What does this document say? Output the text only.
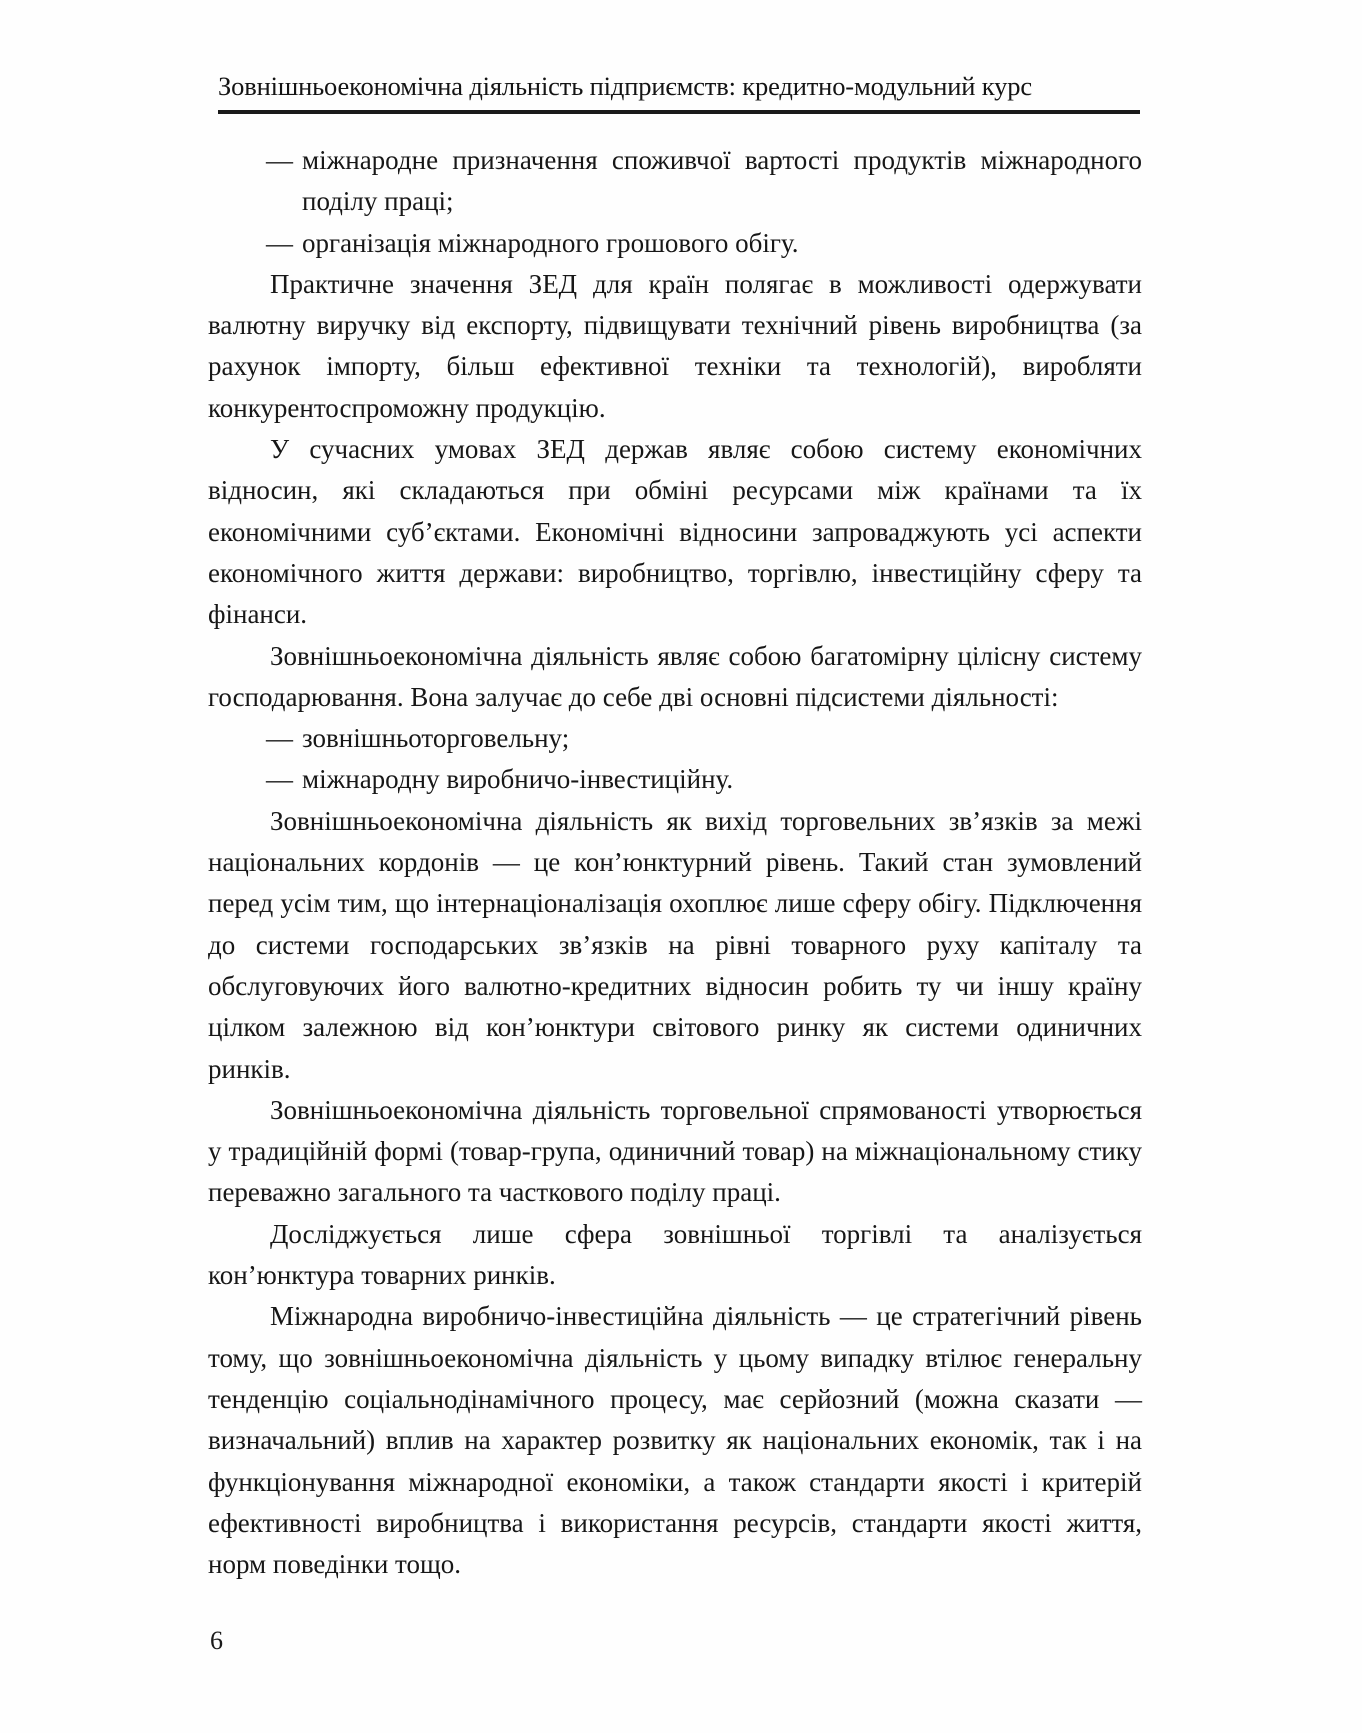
Зовнішньоекономічна діяльність підприємств: кредитно-модульний курс
— міжнародне призначення споживчої вартості продуктів міжнародного поділу праці;
— організація міжнародного грошового обігу.

Практичне значення ЗЕД для країн полягає в можливості одержувати валютну виручку від експорту, підвищувати технічний рівень виробництва (за рахунок імпорту, більш ефективної техніки та технологій), виробляти конкурентоспроможну продукцію.

У сучасних умовах ЗЕД держав являє собою систему економічних відносин, які складаються при обміні ресурсами між країнами та їх економічними суб’єктами. Економічні відносини запроваджують усі аспекти економічного життя держави: виробництво, торгівлю, інвестиційну сферу та фінанси.

Зовнішньоекономічна діяльність являє собою багатомірну цілісну систему господарювання. Вона залучає до себе дві основні підсистеми діяльності:

— зовнішньоторговельну;
— міжнародну виробничо-інвестиційну.

Зовнішньоекономічна діяльність як вихід торговельних зв’язків за межі національних кордонів — це кон’юнктурний рівень. Такий стан зумовлений перед усім тим, що інтернаціоналізація охоплює лише сферу обігу. Підключення до системи господарських зв’язків на рівні товарного руху капіталу та обслуговуючих його валютно-кредитних відносин робить ту чи іншу країну цілком залежною від кон’юнктури світового ринку як системи одиничних ринків.

Зовнішньоекономічна діяльність торговельної спрямованості утворюється у традиційній формі (товар-група, одиничний товар) на міжнаціональному стику переважно загального та часткового поділу праці.

Досліджується лише сфера зовнішньої торгівлі та аналізується кон’юнктура товарних ринків.

Міжнародна виробничо-інвестиційна діяльність — це стратегічний рівень тому, що зовнішньоекономічна діяльність у цьому випадку втілює генеральну тенденцію соціальнодінамічного процесу, має серйозний (можна сказати — визначальний) вплив на характер розвитку як національних економік, так і на функціонування міжнародної економіки, а також стандарти якості і критерій ефективності виробництва і використання ресурсів, стандарти якості життя, норм поведінки тощо.

6
